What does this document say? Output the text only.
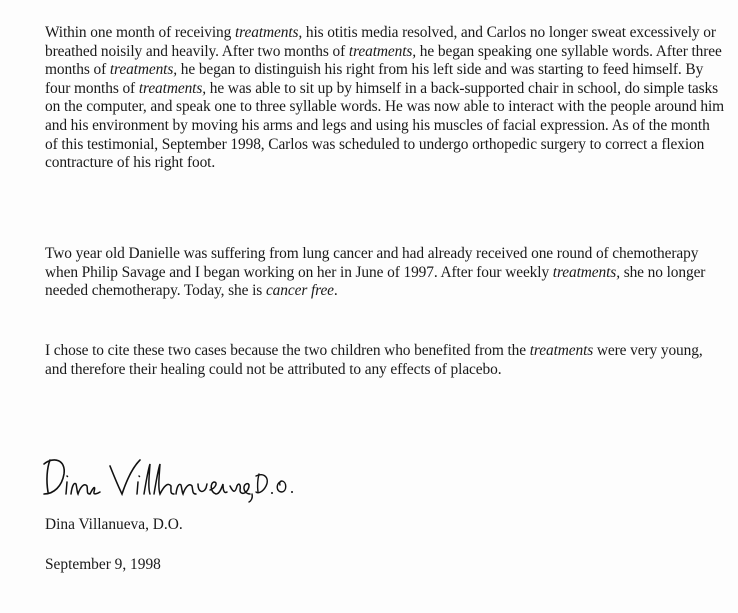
Within one month of receiving treatments, his otitis media resolved, and Carlos no longer sweat excessively or breathed noisily and heavily. After two months of treatments, he began speaking one syllable words. After three months of treatments, he began to distinguish his right from his left side and was starting to feed himself. By four months of treatments, he was able to sit up by himself in a back-supported chair in school, do simple tasks on the computer, and speak one to three syllable words. He was now able to interact with the people around him and his environment by moving his arms and legs and using his muscles of facial expression. As of the month of this testimonial, September 1998, Carlos was scheduled to undergo orthopedic surgery to correct a flexion contracture of his right foot.

Two year old Danielle was suffering from lung cancer and had already received one round of chemotherapy when Philip Savage and I began working on her in June of 1997. After four weekly treatments, she no longer needed chemotherapy. Today, she is cancer free.

I chose to cite these two cases because the two children who benefited from the treatments were very young, and therefore their healing could not be attributed to any effects of placebo.

Dina Villanueva, D.O.
September 9, 1998
